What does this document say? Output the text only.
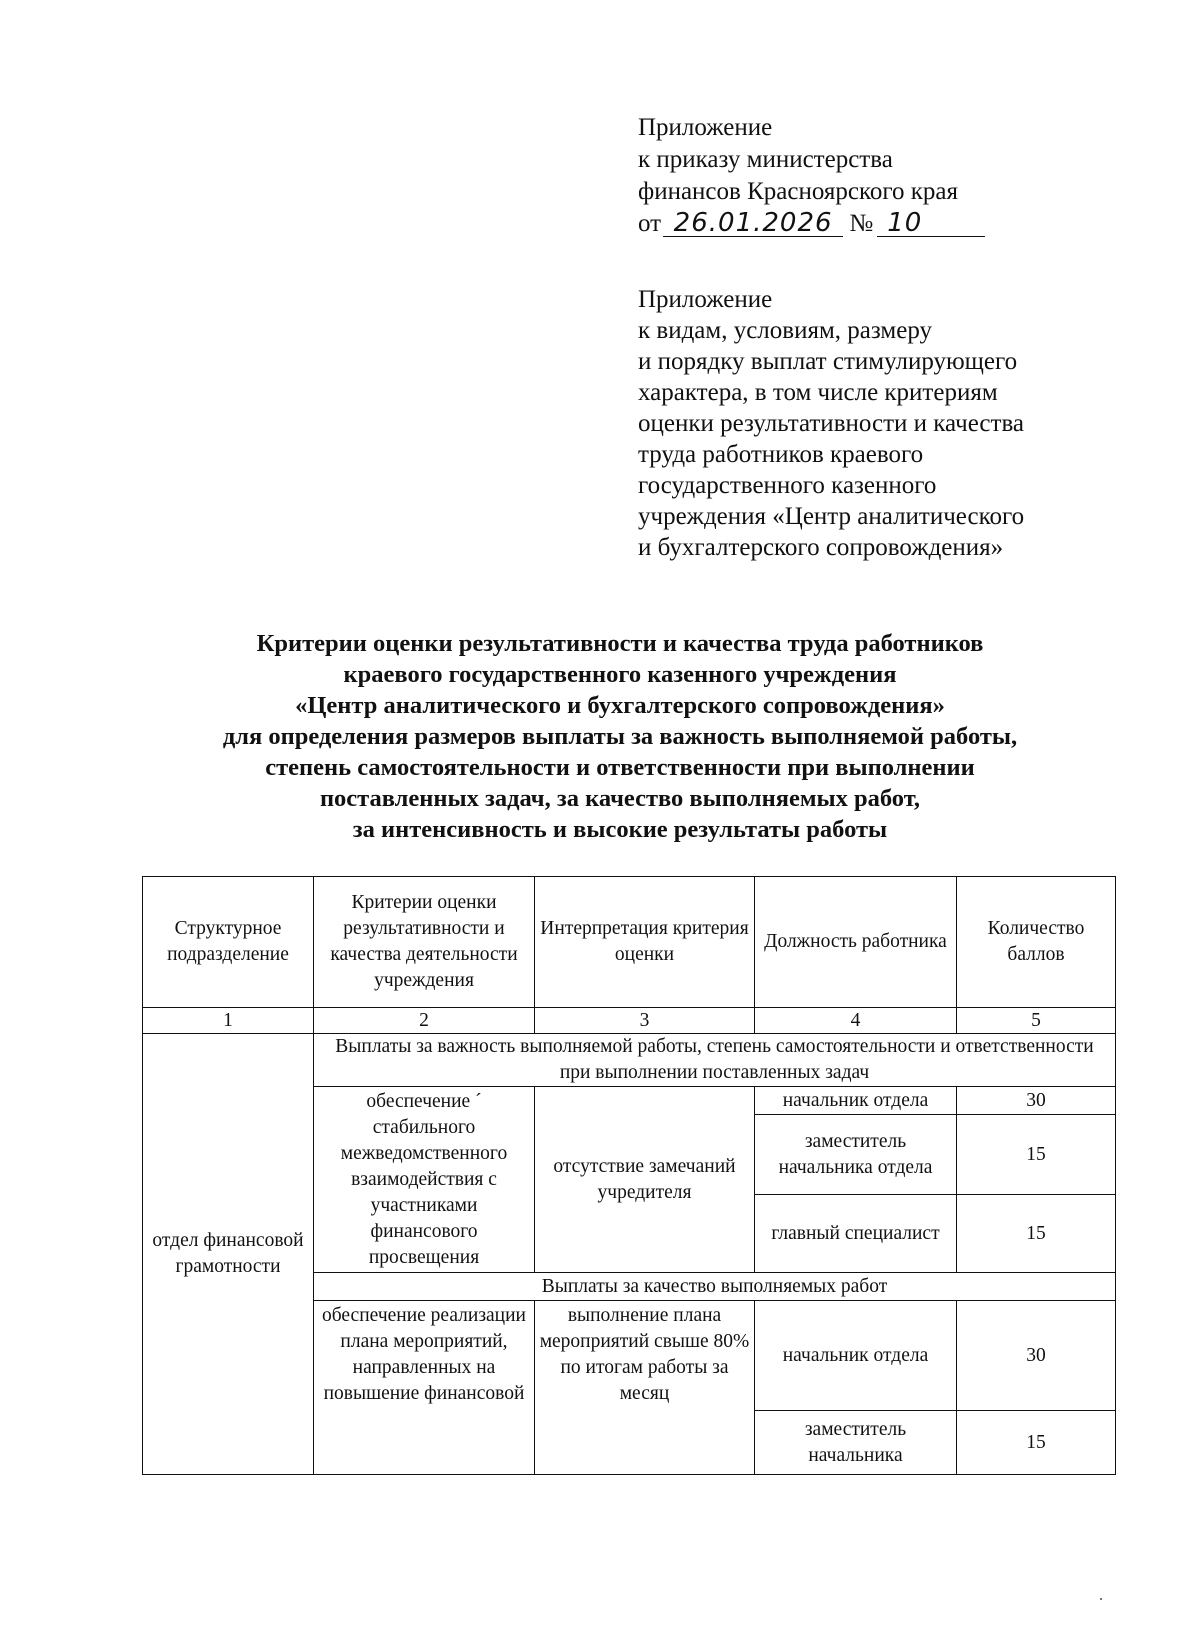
Приложение
к приказу министерства
финансов Красноярского края
от 26.01.2026 № 10
Приложение
к видам, условиям, размеру
и порядку выплат стимулирующего
характера, в том числе критериям
оценки результативности и качества
труда работников краевого
государственного казенного
учреждения «Центр аналитического
и бухгалтерского сопровождения»
Критерии оценки результативности и качества труда работников
краевого государственного казенного учреждения
«Центр аналитического и бухгалтерского сопровождения»
для определения размеров выплаты за важность выполняемой работы,
степень самостоятельности и ответственности при выполнении
поставленных задач, за качество выполняемых работ,
за интенсивность и высокие результаты работы
Структурное подразделение	Критерии оценки результативности и качества деятельности учреждения	Интерпретация критерия оценки	Должность работника	Количество баллов
1	2	3	4	5
отдел финансовой грамотности	Выплаты за важность выполняемой работы, степень самостоятельности и ответственности при выполнении поставленных задач			
	обеспечение ´ стабильного межведомственного взаимодействия с участниками финансового просвещения	отсутствие замечаний учредителя	начальник отдела	30
			заместитель начальника отдела	15
			главный специалист	15
	Выплаты за качество выполняемых работ			
	обеспечение реализации плана мероприятий, направленных на повышение финансовой	выполнение плана мероприятий свыше 80% по итогам работы за месяц	начальник отдела	30
			заместитель начальника	15
